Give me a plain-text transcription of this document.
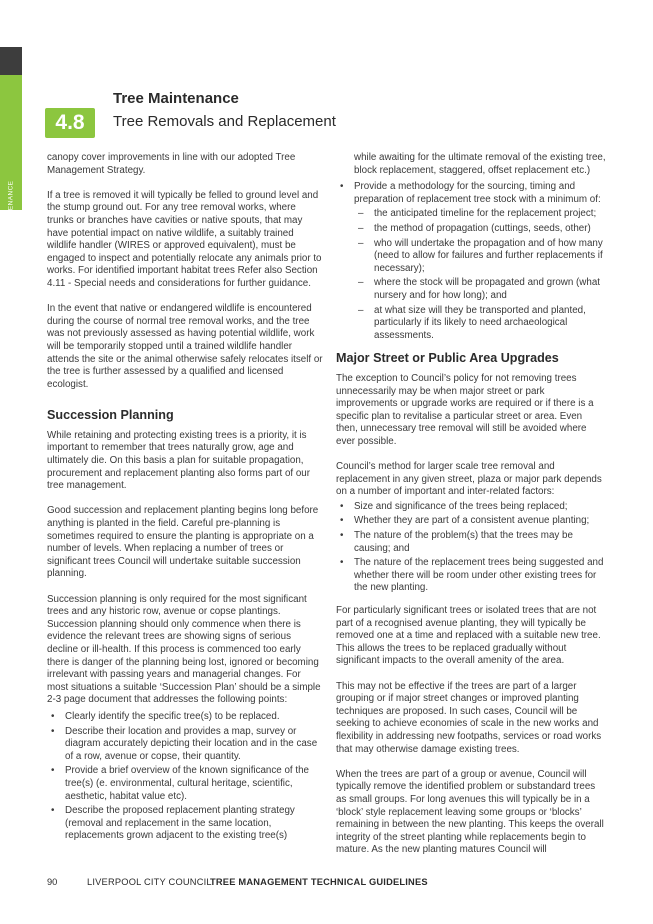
TREE MAINTENANCE
4.8
Tree Maintenance
Tree Removals and Replacement

canopy cover improvements in line with our adopted Tree Management Strategy.

If a tree is removed it will typically be felled to ground level and the stump ground out. For any tree removal works, where trunks or branches have cavities or native spouts, that may have potential impact on native wildlife, a suitably trained wildlife handler (WIRES or approved equivalent), must be engaged to inspect and potentially relocate any animals prior to works. For identified important habitat trees Refer also Section 4.11 - Special needs and considerations for further guidance.

In the event that native or endangered wildlife is encountered during the course of normal tree removal works, and the tree was not previously assessed as having potential wildlife, work will be temporarily stopped until a trained wildlife handler attends the site or the animal otherwise safely relocates itself or the tree is further assessed by a qualified and licensed ecologist.

Succession Planning

While retaining and protecting existing trees is a priority, it is important to remember that trees naturally grow, age and ultimately die. On this basis a plan for suitable propagation, procurement and replacement planting also forms part of our tree management.

Good succession and replacement planting begins long before anything is planted in the field. Careful pre-planning is sometimes required to ensure the planting is appropriate on a number of levels. When replacing a number of trees or significant trees Council will undertake suitable succession planning.

Succession planning is only required for the most significant trees and any historic row, avenue or copse plantings. Succession planning should only commence when there is evidence the relevant trees are showing signs of serious decline or ill-health. If this process is commenced too early there is danger of the planning being lost, ignored or becoming irrelevant with passing years and managerial changes. For most situations a suitable ‘Succession Plan’ should be a simple 2-3 page document that addresses the following points:

• Clearly identify the specific tree(s) to be replaced.
• Describe their location and provides a map, survey or diagram accurately depicting their location and in the case of a row, avenue or copse, their quantity.
• Provide a brief overview of the known significance of the tree(s) (e. environmental, cultural heritage, scientific, aesthetic, habitat value etc).
• Describe the proposed replacement planting strategy (removal and replacement in the same location, replacements grown adjacent to the existing tree(s)

while awaiting for the ultimate removal of the existing tree, block replacement, staggered, offset replacement etc.)

• Provide a methodology for the sourcing, timing and preparation of replacement tree stock with a minimum of:
– the anticipated timeline for the replacement project;
– the method of propagation (cuttings, seeds, other)
– who will undertake the propagation and of how many (need to allow for failures and further replacements if necessary);
– where the stock will be propagated and grown (what nursery and for how long); and
– at what size will they be transported and planted, particularly if its likely to need archaeological assessments.
Major Street or Public Area Upgrades

The exception to Council’s policy for not removing trees unnecessarily may be when major street or park improvements or upgrade works are required or if there is a specific plan to revitalise a particular street or area. Even then, unnecessary tree removal will still be avoided where ever possible.

Council’s method for larger scale tree removal and replacement in any given street, plaza or major park depends on a number of important and inter-related factors:

• Size and significance of the trees being replaced;
• Whether they are part of a consistent avenue planting;
• The nature of the problem(s) that the trees may be causing; and
• The nature of the replacement trees being suggested and whether there will be room under other existing trees for the new planting.

For particularly significant trees or isolated trees that are not part of a recognised avenue planting, they will typically be removed one at a time and replaced with a suitable new tree. This allows the trees to be replaced gradually without significant impacts to the overall amenity of the area.

This may not be effective if the trees are part of a larger grouping or if major street changes or improved planting techniques are proposed. In such cases, Council will be seeking to achieve economies of scale in the new works and flexibility in addressing new footpaths, services or road works that may otherwise damage existing trees.

When the trees are part of a group or avenue, Council will typically remove the identified problem or substandard trees as small groups. For long avenues this will typically be in a ‘block’ style replacement leaving some groups or ‘blocks’ remaining in between the new planting. This keeps the overall integrity of the street planting while replacements begin to mature. As the new planting matures Council will

90	LIVERPOOL CITY COUNCIL
TREE MANAGEMENT TECHNICAL GUIDELINES
